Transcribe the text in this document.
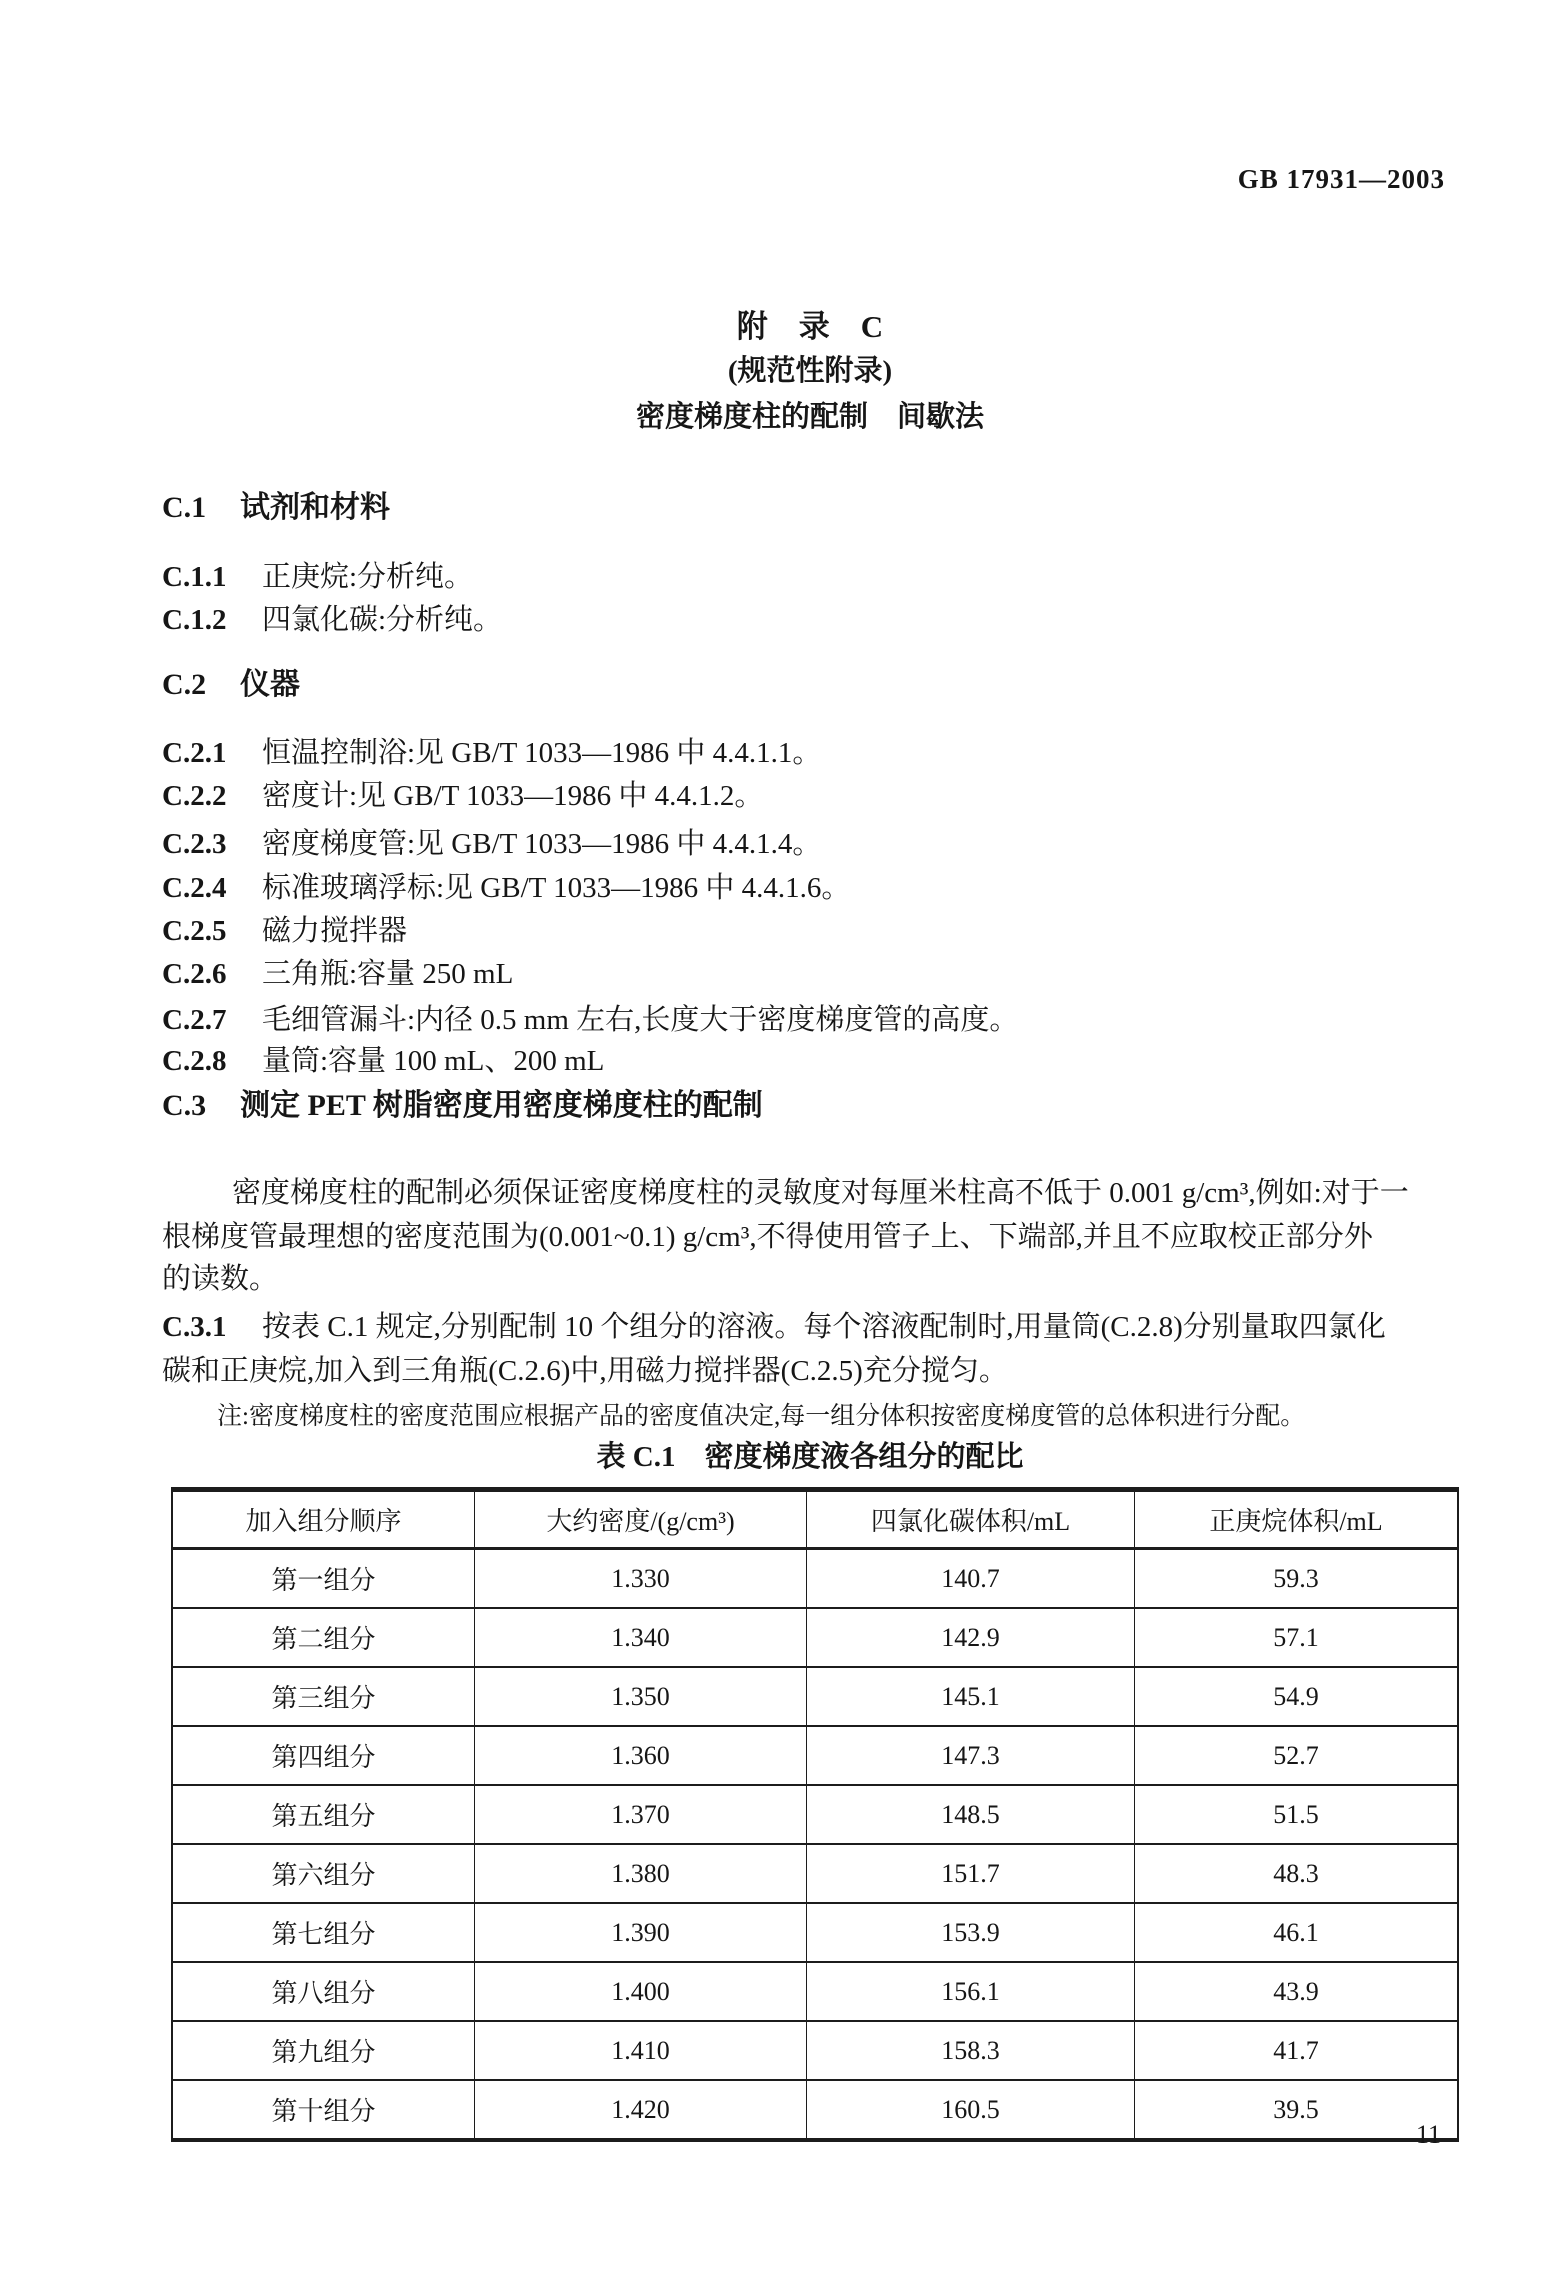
GB 17931—2003
附　录　C
(规范性附录)
密度梯度柱的配制　间歇法
C.1 试剂和材料
C.1.1 正庚烷:分析纯。
C.1.2 四氯化碳:分析纯。
C.2 仪器
C.2.1 恒温控制浴:见 GB/T 1033—1986 中 4.4.1.1。
C.2.2 密度计:见 GB/T 1033—1986 中 4.4.1.2。
C.2.3 密度梯度管:见 GB/T 1033—1986 中 4.4.1.4。
C.2.4 标准玻璃浮标:见 GB/T 1033—1986 中 4.4.1.6。
C.2.5 磁力搅拌器
C.2.6 三角瓶:容量 250 mL
C.2.7 毛细管漏斗:内径 0.5 mm 左右,长度大于密度梯度管的高度。
C.2.8 量筒:容量 100 mL、200 mL
C.3 测定 PET 树脂密度用密度梯度柱的配制
密度梯度柱的配制必须保证密度梯度柱的灵敏度对每厘米柱高不低于 0.001 g/cm³,例如:对于一
根梯度管最理想的密度范围为(0.001~0.1) g/cm³,不得使用管子上、下端部,并且不应取校正部分外
的读数。
C.3.1 按表 C.1 规定,分别配制 10 个组分的溶液。每个溶液配制时,用量筒(C.2.8)分别量取四氯化
碳和正庚烷,加入到三角瓶(C.2.6)中,用磁力搅拌器(C.2.5)充分搅匀。
注:密度梯度柱的密度范围应根据产品的密度值决定,每一组分体积按密度梯度管的总体积进行分配。
表 C.1　密度梯度液各组分的配比
加入组分顺序	大约密度/(g/cm³)	四氯化碳体积/mL	正庚烷体积/mL
第一组分	1.330	140.7	59.3
第二组分	1.340	142.9	57.1
第三组分	1.350	145.1	54.9
第四组分	1.360	147.3	52.7
第五组分	1.370	148.5	51.5
第六组分	1.380	151.7	48.3
第七组分	1.390	153.9	46.1
第八组分	1.400	156.1	43.9
第九组分	1.410	158.3	41.7
第十组分	1.420	160.5	39.5
11
